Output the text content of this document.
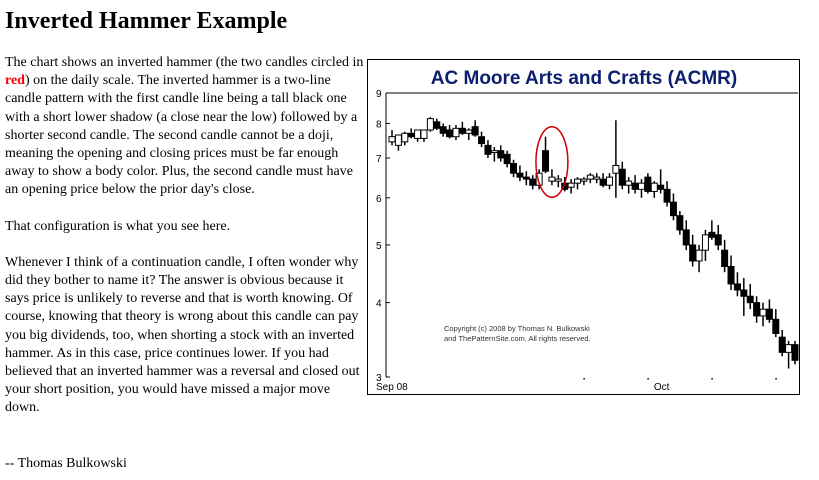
Inverted Hammer Example
AC Moore Arts and Crafts (ACMR)
3
4
5
6
7
8
9
Sep 08	Oct
Copyright (c) 2008 by Thomas N. Bulkowski
and ThePatternSite.com. All rights reserved.

The chart shows an inverted hammer (the two candles circled in red) on the daily scale. The inverted hammer is a two-line candle pattern with the first candle line being a tall black one with a short lower shadow (a close near the low) followed by a shorter second candle. The second candle cannot be a doji, meaning the opening and closing prices must be far enough away to show a body color. Plus, the second candle must have an opening price below the prior day's close.

That configuration is what you see here.

Whenever I think of a continuation candle, I often wonder why did they bother to name it? The answer is obvious because it says price is unlikely to reverse and that is worth knowing. Of course, knowing that theory is wrong about this candle can pay you big dividends, too, when shorting a stock with an inverted hammer. As in this case, price continues lower. If you had believed that an inverted hammer was a reversal and closed out your short position, you would have missed a major move down.

-- Thomas Bulkowski
